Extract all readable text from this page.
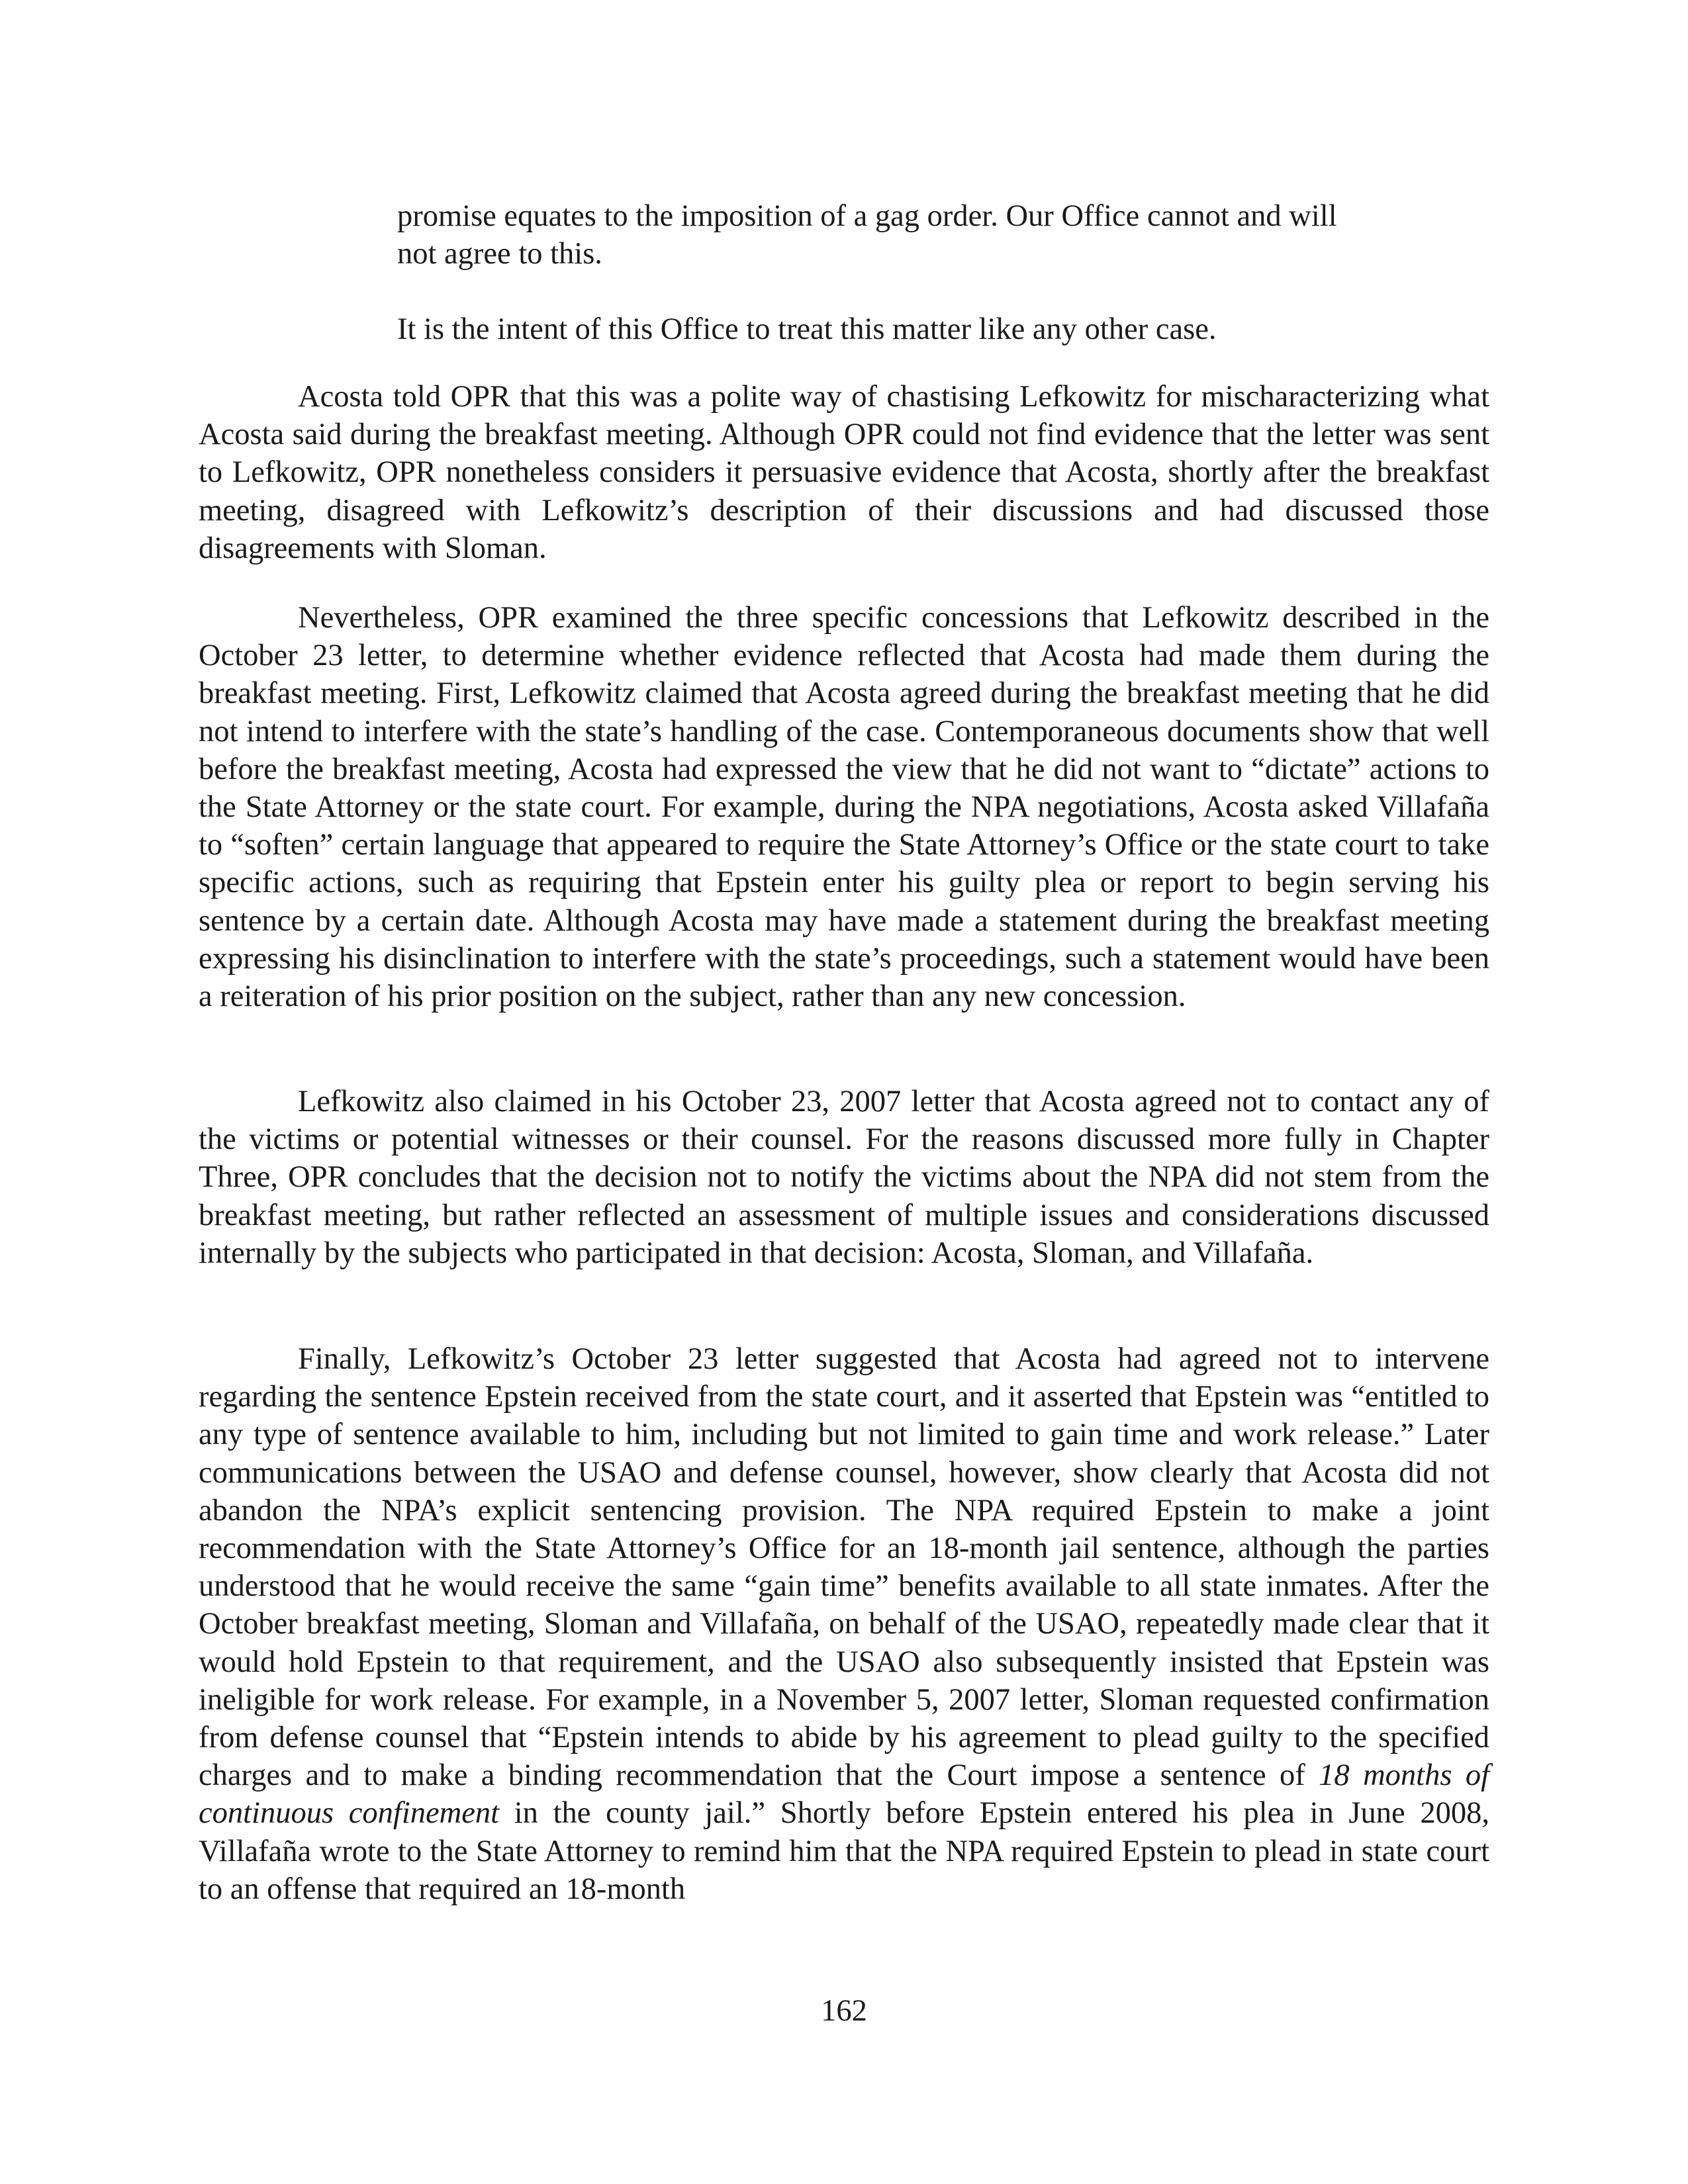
promise equates to the imposition of a gag order. Our Office cannot and will not agree to this.

It is the intent of this Office to treat this matter like any other case.

Acosta told OPR that this was a polite way of chastising Lefkowitz for mischaracterizing what Acosta said during the breakfast meeting. Although OPR could not find evidence that the letter was sent to Lefkowitz, OPR nonetheless considers it persuasive evidence that Acosta, shortly after the breakfast meeting, disagreed with Lefkowitz’s description of their discussions and had discussed those disagreements with Sloman.

Nevertheless, OPR examined the three specific concessions that Lefkowitz described in the October 23 letter, to determine whether evidence reflected that Acosta had made them during the breakfast meeting. First, Lefkowitz claimed that Acosta agreed during the breakfast meeting that he did not intend to interfere with the state’s handling of the case. Contemporaneous documents show that well before the breakfast meeting, Acosta had expressed the view that he did not want to “dictate” actions to the State Attorney or the state court. For example, during the NPA negotiations, Acosta asked Villafaña to “soften” certain language that appeared to require the State Attorney’s Office or the state court to take specific actions, such as requiring that Epstein enter his guilty plea or report to begin serving his sentence by a certain date. Although Acosta may have made a statement during the breakfast meeting expressing his disinclination to interfere with the state’s proceedings, such a statement would have been a reiteration of his prior position on the subject, rather than any new concession.

Lefkowitz also claimed in his October 23, 2007 letter that Acosta agreed not to contact any of the victims or potential witnesses or their counsel. For the reasons discussed more fully in Chapter Three, OPR concludes that the decision not to notify the victims about the NPA did not stem from the breakfast meeting, but rather reflected an assessment of multiple issues and considerations discussed internally by the subjects who participated in that decision: Acosta, Sloman, and Villafaña.

Finally, Lefkowitz’s October 23 letter suggested that Acosta had agreed not to intervene regarding the sentence Epstein received from the state court, and it asserted that Epstein was “entitled to any type of sentence available to him, including but not limited to gain time and work release.” Later communications between the USAO and defense counsel, however, show clearly that Acosta did not abandon the NPA’s explicit sentencing provision. The NPA required Epstein to make a joint recommendation with the State Attorney’s Office for an 18-month jail sentence, although the parties understood that he would receive the same “gain time” benefits available to all state inmates. After the October breakfast meeting, Sloman and Villafaña, on behalf of the USAO, repeatedly made clear that it would hold Epstein to that requirement, and the USAO also subsequently insisted that Epstein was ineligible for work release. For example, in a November 5, 2007 letter, Sloman requested confirmation from defense counsel that “Epstein intends to abide by his agreement to plead guilty to the specified charges and to make a binding recommendation that the Court impose a sentence of 18 months of continuous confinement in the county jail.” Shortly before Epstein entered his plea in June 2008, Villafaña wrote to the State Attorney to remind him that the NPA required Epstein to plead in state court to an offense that required an 18-month

162
